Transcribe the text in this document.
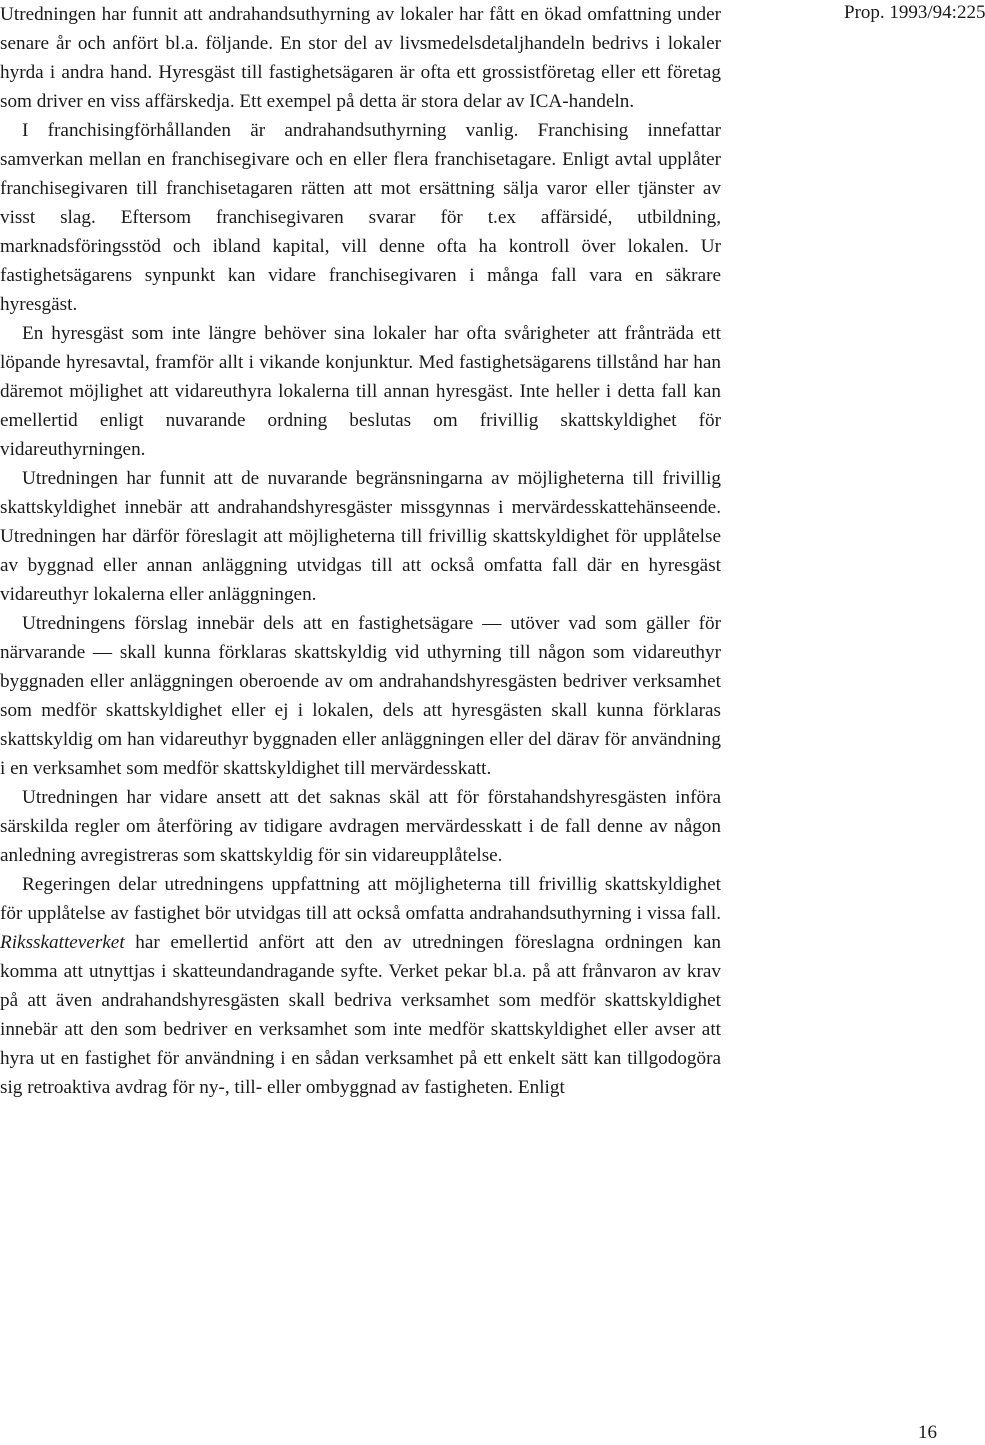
Prop. 1993/94:225

Utredningen har funnit att andrahandsuthyrning av lokaler har fått en ökad omfattning under senare år och anfört bl.a. följande. En stor del av livsmedelsdetaljhandeln bedrivs i lokaler hyrda i andra hand. Hyresgäst till fastighetsägaren är ofta ett grossistföretag eller ett företag som driver en viss affärskedja. Ett exempel på detta är stora delar av ICA-handeln.

I franchisingförhållanden är andrahandsuthyrning vanlig. Franchising innefattar samverkan mellan en franchisegivare och en eller flera franchisetagare. Enligt avtal upplåter franchisegivaren till franchisetagaren rätten att mot ersättning sälja varor eller tjänster av visst slag. Eftersom franchisegivaren svarar för t.ex affärsidé, utbildning, marknadsföringsstöd och ibland kapital, vill denne ofta ha kontroll över lokalen. Ur fastighetsägarens synpunkt kan vidare franchisegivaren i många fall vara en säkrare hyresgäst.

En hyresgäst som inte längre behöver sina lokaler har ofta svårigheter att frånträda ett löpande hyresavtal, framför allt i vikande konjunktur. Med fastighetsägarens tillstånd har han däremot möjlighet att vidareuthyra lokalerna till annan hyresgäst. Inte heller i detta fall kan emellertid enligt nuvarande ordning beslutas om frivillig skattskyldighet för vidareuthyrningen.

Utredningen har funnit att de nuvarande begränsningarna av möjligheterna till frivillig skattskyldighet innebär att andrahandshyresgäster missgynnas i mervärdesskattehänseende. Utredningen har därför föreslagit att möjligheterna till frivillig skattskyldighet för upplåtelse av byggnad eller annan anläggning utvidgas till att också omfatta fall där en hyresgäst vidareuthyr lokalerna eller anläggningen.

Utredningens förslag innebär dels att en fastighetsägare — utöver vad som gäller för närvarande — skall kunna förklaras skattskyldig vid uthyrning till någon som vidareuthyr byggnaden eller anläggningen oberoende av om andrahandshyresgästen bedriver verksamhet som medför skattskyldighet eller ej i lokalen, dels att hyresgästen skall kunna förklaras skattskyldig om han vidareuthyr byggnaden eller anläggningen eller del därav för användning i en verksamhet som medför skattskyldighet till mervärdesskatt.

Utredningen har vidare ansett att det saknas skäl att för förstahandshyresgästen införa särskilda regler om återföring av tidigare avdragen mervärdesskatt i de fall denne av någon anledning avregistreras som skattskyldig för sin vidareupplåtelse.

Regeringen delar utredningens uppfattning att möjligheterna till frivillig skattskyldighet för upplåtelse av fastighet bör utvidgas till att också omfatta andrahandsuthyrning i vissa fall. Riksskatteverket har emellertid anfört att den av utredningen föreslagna ordningen kan komma att utnyttjas i skatteundandragande syfte. Verket pekar bl.a. på att frånvaron av krav på att även andrahandshyresgästen skall bedriva verksamhet som medför skattskyldighet innebär att den som bedriver en verksamhet som inte medför skattskyldighet eller avser att hyra ut en fastighet för användning i en sådan verksamhet på ett enkelt sätt kan tillgodogöra sig retroaktiva avdrag för ny-, till- eller ombyggnad av fastigheten. Enligt

16
